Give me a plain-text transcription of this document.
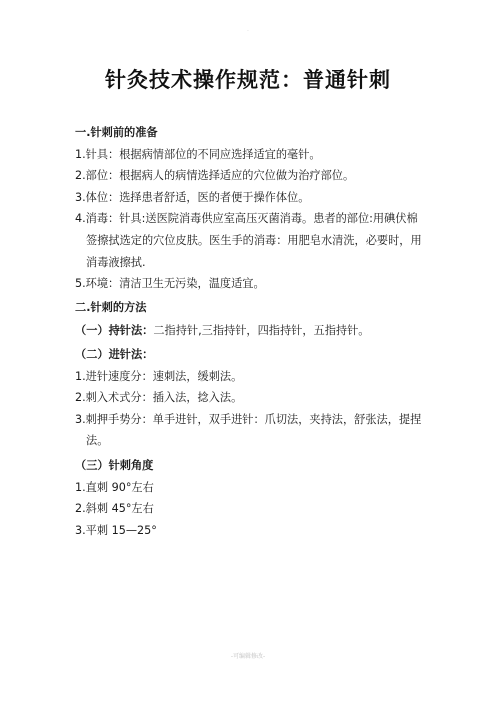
·
针灸技术操作规范：普通针刺
一.针刺前的准备
1.针具：根据病情部位的不同应选择适宜的毫针。
2.部位：根据病人的病情选择适应的穴位做为治疗部位。
3.体位：选择患者舒适，医的者便于操作体位。
4.消毒：针具:送医院消毒供应室高压灭菌消毒。患者的部位:用碘伏棉签擦拭选定的穴位皮肤。医生手的消毒：用肥皂水清洗，必要时，用消毒液擦拭.
5.环境：清洁卫生无污染，温度适宜。
二.针刺的方法
（一）持针法：二指持针,三指持针，四指持针，五指持针。
（二）进针法：
1.进针速度分：速刺法，缓刺法。
2.刺入术式分：插入法，捻入法。
3.刺押手势分：单手进针，双手进针：爪切法，夹持法，舒张法，提捏法。
（三）针刺角度
1.直刺 90°左右
2.斜刺 45°左右
3.平刺 15—25°
-可编辑修改-
